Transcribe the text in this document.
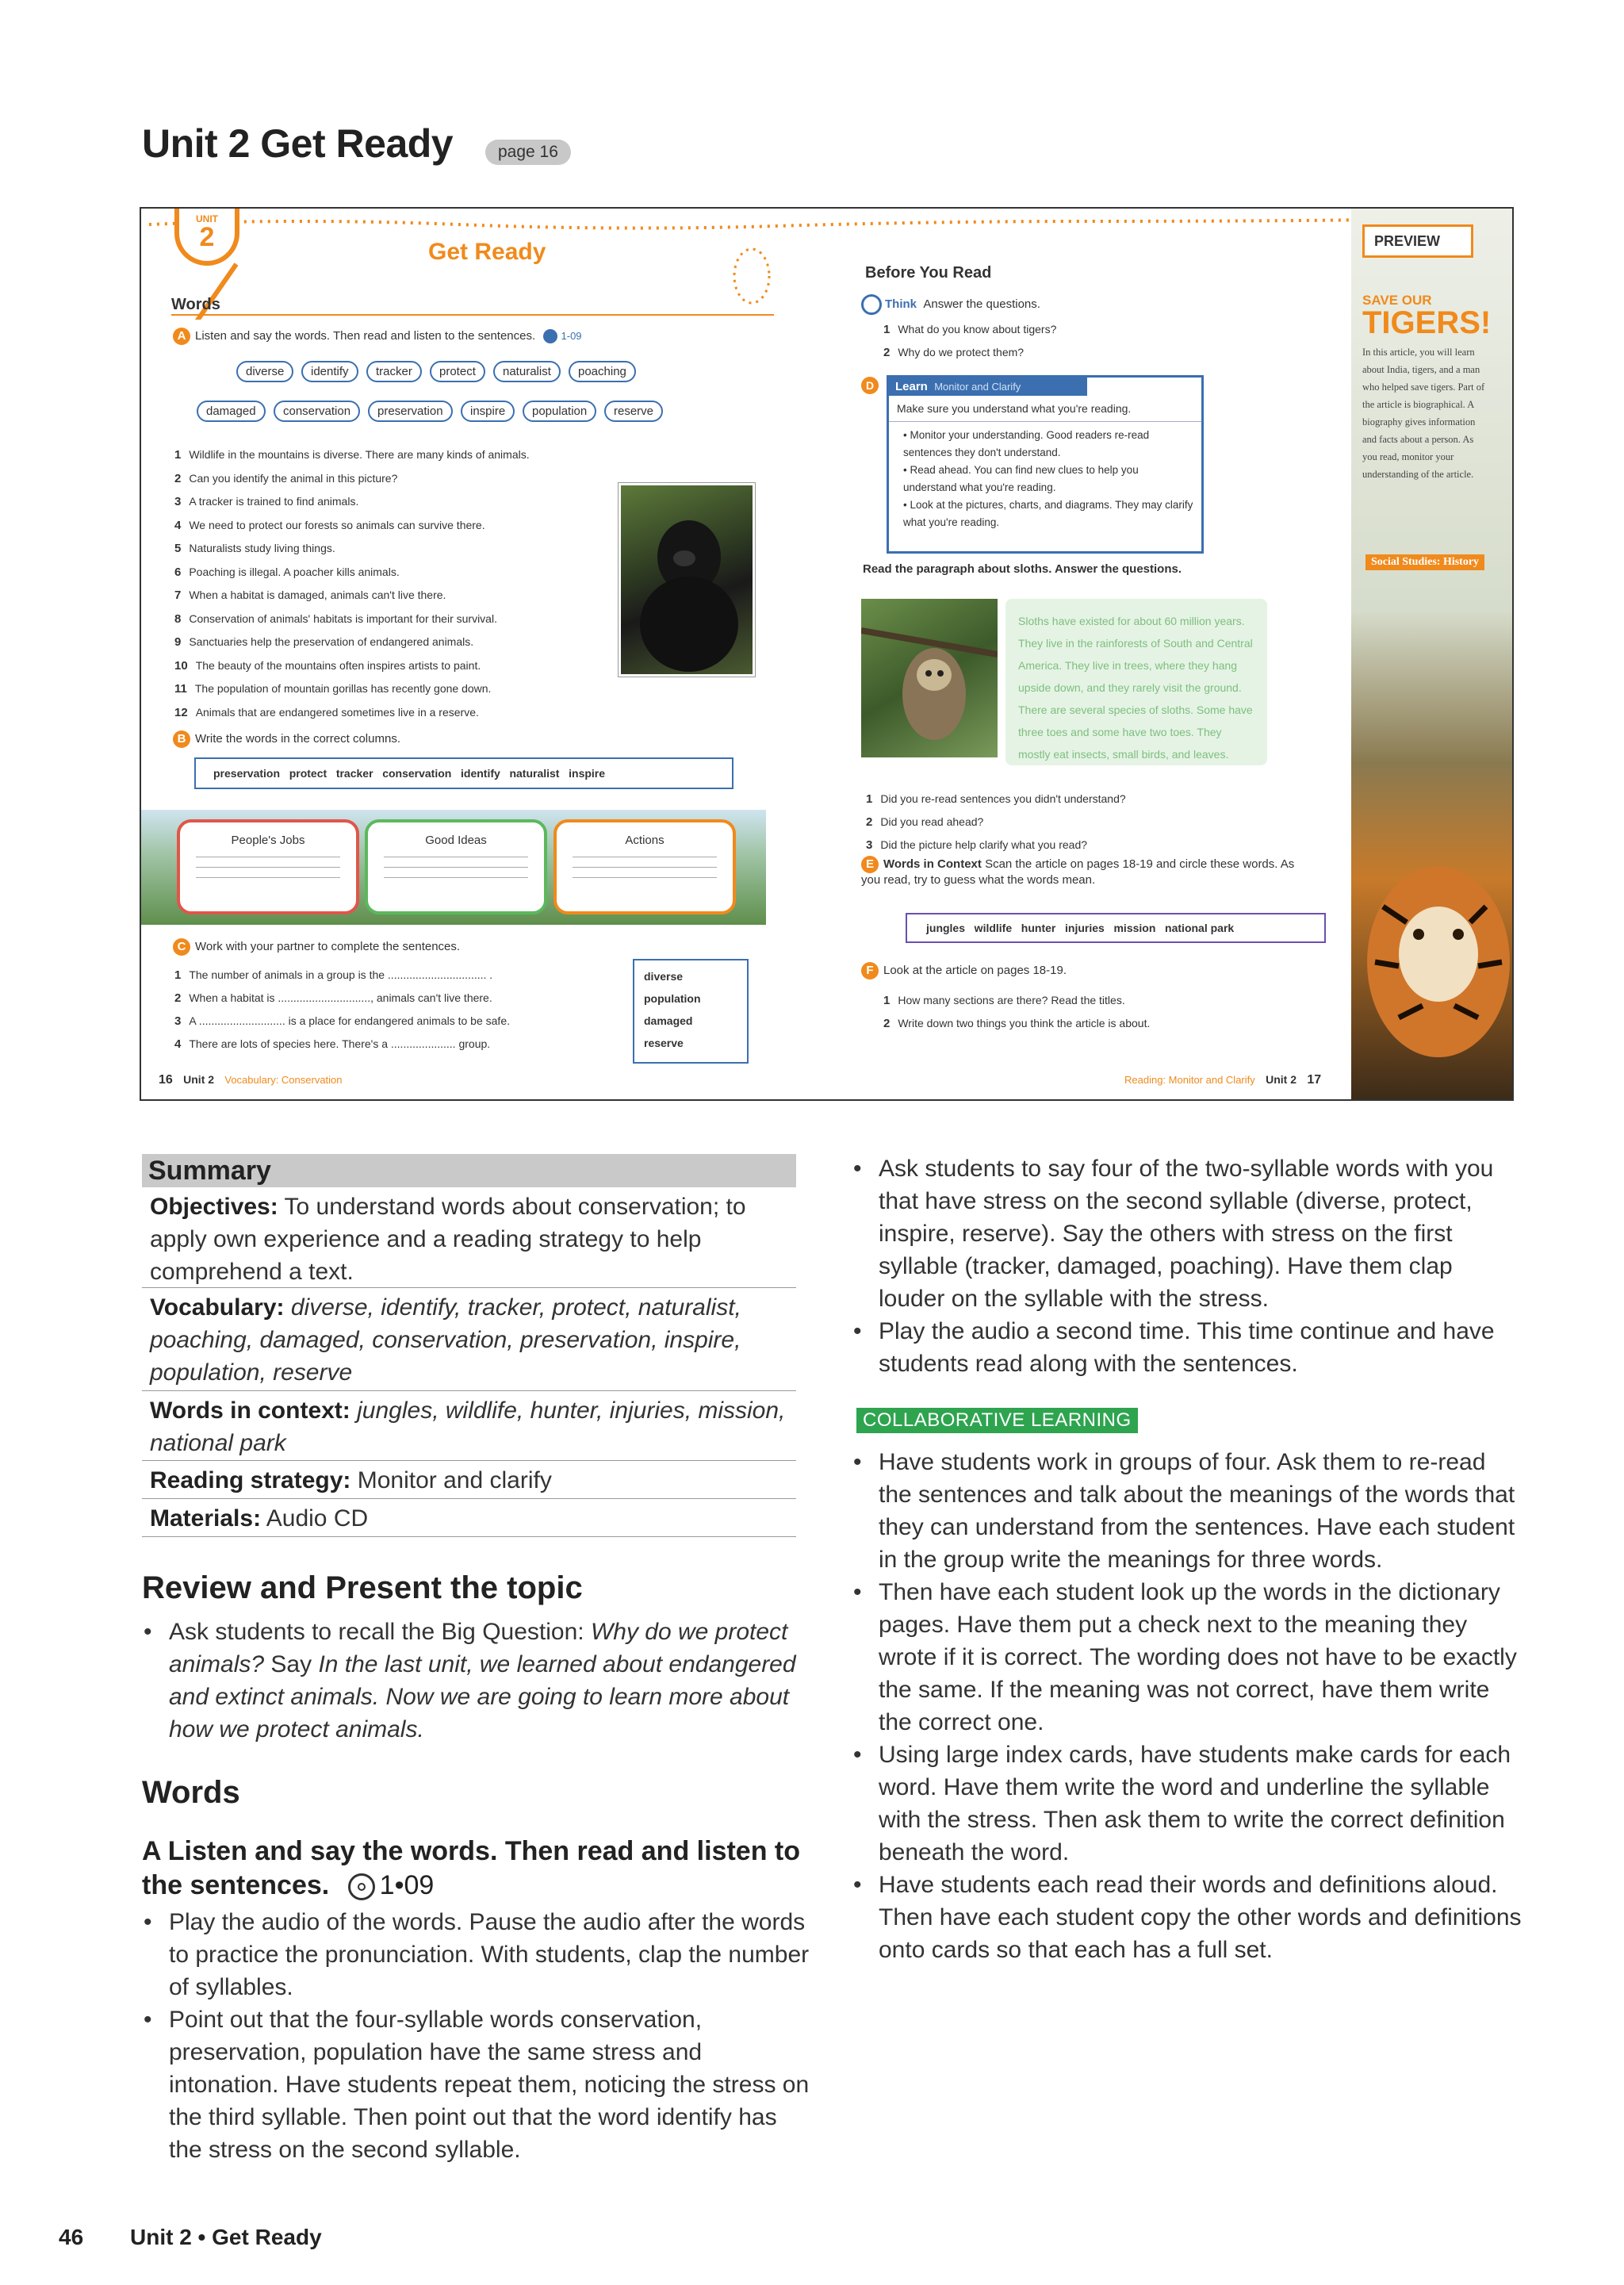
Unit 2 Get Ready	page 16
UNIT
2	Get Ready
Words
A Listen and say the words. Then read and listen to the sentences. 1-09
1 Wildlife in the mountains is diverse. There are many kinds of animals.
2 Can you identify the animal in this picture?
3 A tracker is trained to find animals.
4 We need to protect our forests so animals can survive there.
5 Naturalists study living things.
6 Poaching is illegal. A poacher kills animals.
7 When a habitat is damaged, animals can't live there.
8 Conservation of animals' habitats is important for their survival.
9 Sanctuaries help the preservation of endangered animals.
10 The beauty of the mountains often inspires artists to paint.
11 The population of mountain gorillas has recently gone down.
12 Animals that are endangered sometimes live in a reserve.
B Write the words in the correct columns.
preservation   protect   tracker   conservation   identify   naturalist   inspire
People's Jobs	Good Ideas	Actions
C Work with your partner to complete the sentences.
1 The number of animals in a group is the ................................ .
2 When a habitat is .............................., animals can't live there.
3 A ............................ is a place for endangered animals to be safe.
4 There are lots of species here. There's a ..................... group.
diverse
population
damaged
reserve
16 Unit 2 Vocabulary: Conservation	Reading: Monitor and Clarify Unit 2 17
Before You Read
Think Answer the questions.
1 What do you know about tigers?
2 Why do we protect them?
D	Learn Monitor and Clarify
Make sure you understand what you're reading.
• Monitor your understanding. Good readers re-read sentences they don't understand.
• Read ahead. You can find new clues to help you understand what you're reading.
• Look at the pictures, charts, and diagrams. They may clarify what you're reading.
Read the paragraph about sloths. Answer the questions.
Sloths have existed for about 60 million years. They live in the rainforests of South and Central America. They live in trees, where they hang upside down, and they rarely visit the ground. There are several species of sloths. Some have three toes and some have two toes. They mostly eat insects, small birds, and leaves.
1 Did you re-read sentences you didn't understand?
2 Did you read ahead?
3 Did the picture help clarify what you read?
E Words in Context Scan the article on pages 18-19 and circle these words. As you read, try to guess what the words mean.
jungles   wildlife   hunter   injuries   mission   national park
F Look at the article on pages 18-19.
1 How many sections are there? Read the titles.
2 Write down two things you think the article is about.
PREVIEW
SAVE OUR
TIGERS!
In this article, you will learn about India, tigers, and a man who helped save tigers. Part of the article is biographical. A biography gives information and facts about a person. As you read, monitor your understanding of the article.
Social Studies: History
diverse	identify	tracker	protect	naturalist	poaching
damaged	conservation	preservation	inspire	population	reserve
Summary
Objectives: To understand words about conservation; to apply own experience and a reading strategy to help comprehend a text.
Vocabulary: diverse, identify, tracker, protect, naturalist, poaching, damaged, conservation, preservation, inspire, population, reserve
Words in context: jungles, wildlife, hunter, injuries, mission, national park
Reading strategy: Monitor and clarify
Materials: Audio CD
Review and Present the topic
• Ask students to recall the Big Question: Why do we protect animals? Say In the last unit, we learned about endangered and extinct animals. Now we are going to learn more about how we protect animals.
Words
A Listen and say the words. Then read and listen to the sentences. 1•09
• Play the audio of the words. Pause the audio after the words to practice the pronunciation. With students, clap the number of syllables.
• Point out that the four-syllable words conservation, preservation, population have the same stress and intonation. Have students repeat them, noticing the stress on the third syllable. Then point out that the word identify has the stress on the second syllable.
• Ask students to say four of the two-syllable words with you that have stress on the second syllable (diverse, protect, inspire, reserve). Say the others with stress on the first syllable (tracker, damaged, poaching). Have them clap louder on the syllable with the stress.
• Play the audio a second time. This time continue and have students read along with the sentences.
COLLABORATIVE LEARNING
• Have students work in groups of four. Ask them to re-read the sentences and talk about the meanings of the words that they can understand from the sentences. Have each student in the group write the meanings for three words.
• Then have each student look up the words in the dictionary pages. Have them put a check next to the meaning they wrote if it is correct. The wording does not have to be exactly the same. If the meaning was not correct, have them write the correct one.
• Using large index cards, have students make cards for each word. Have them write the word and underline the syllable with the stress. Then ask them to write the correct definition beneath the word.
• Have students each read their words and definitions aloud. Then have each student copy the other words and definitions onto cards so that each has a full set.
46 Unit 2 • Get Ready
